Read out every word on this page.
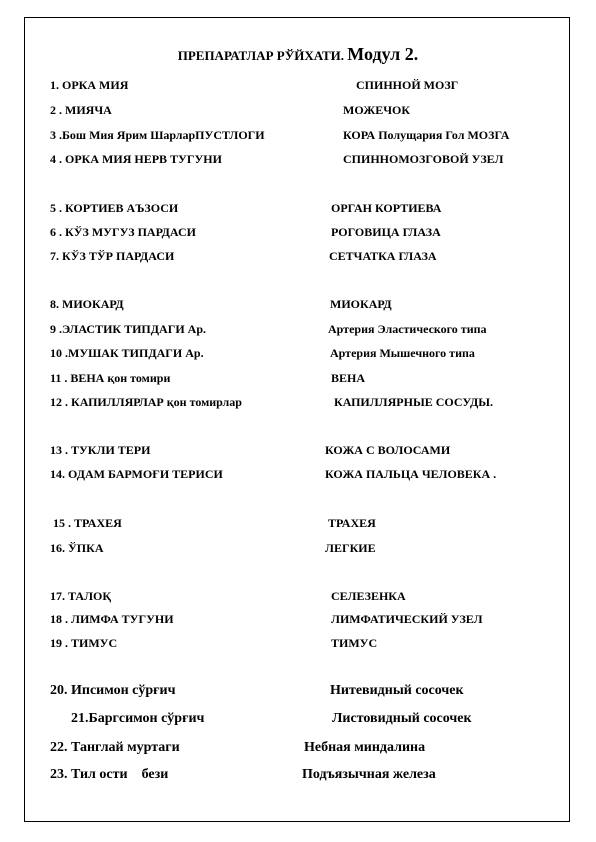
ПРЕПАРАТЛАР РЎЙХАТИ. Модул 2.
1. ОРКА МИЯ	СПИННОЙ МОЗГ
2 . МИЯЧА	МОЖЕЧОК
3 .Бош Мия Ярим ШарларПУСТЛОГИ	КОРА Полущария Гол МОЗГА
4 . ОРКА МИЯ НЕРВ ТУГУНИ	СПИННОМОЗГОВОЙ УЗЕЛ
5 . КОРТИЕВ АЪЗОСИ	ОРГАН КОРТИЕВА
6 . КЎЗ МУГУЗ ПАРДАСИ	РОГОВИЦА ГЛАЗА
7. КЎЗ ТЎР ПАРДАСИ	СЕТЧАТКА ГЛАЗА
8. МИОКАРД	МИОКАРД
9 .ЭЛАСТИК ТИПДАГИ Ар.	Артерия Эластического типа
10 .МУШАК ТИПДАГИ Ар.	Артерия Мышечного типа
11 . ВЕНА қон томири	ВЕНА
12 . КАПИЛЛЯРЛАР қон томирлар	КАПИЛЛЯРНЫЕ СОСУДЫ.
13 . ТУКЛИ ТЕРИ	КОЖА С ВОЛОСАМИ
14. ОДАМ БАРМОҒИ ТЕРИСИ	КОЖА ПАЛЬЦА ЧЕЛОВЕКА .
15 . ТРАХЕЯ	ТРАХЕЯ
16. ЎПКА	ЛЕГКИЕ
17. ТАЛОҚ	СЕЛЕЗЕНКА
18 . ЛИМФА ТУГУНИ	ЛИМФАТИЧЕСКИЙ УЗЕЛ
19 . ТИМУС	ТИМУС
20. Ипсимон сўрғич	Нитевидный сосочек
21.Баргсимон сўрғич	Листовидный сосочек
22. Танглай муртаги	Небная миндалина
23. Тил ости    бези	Подъязычная железа
